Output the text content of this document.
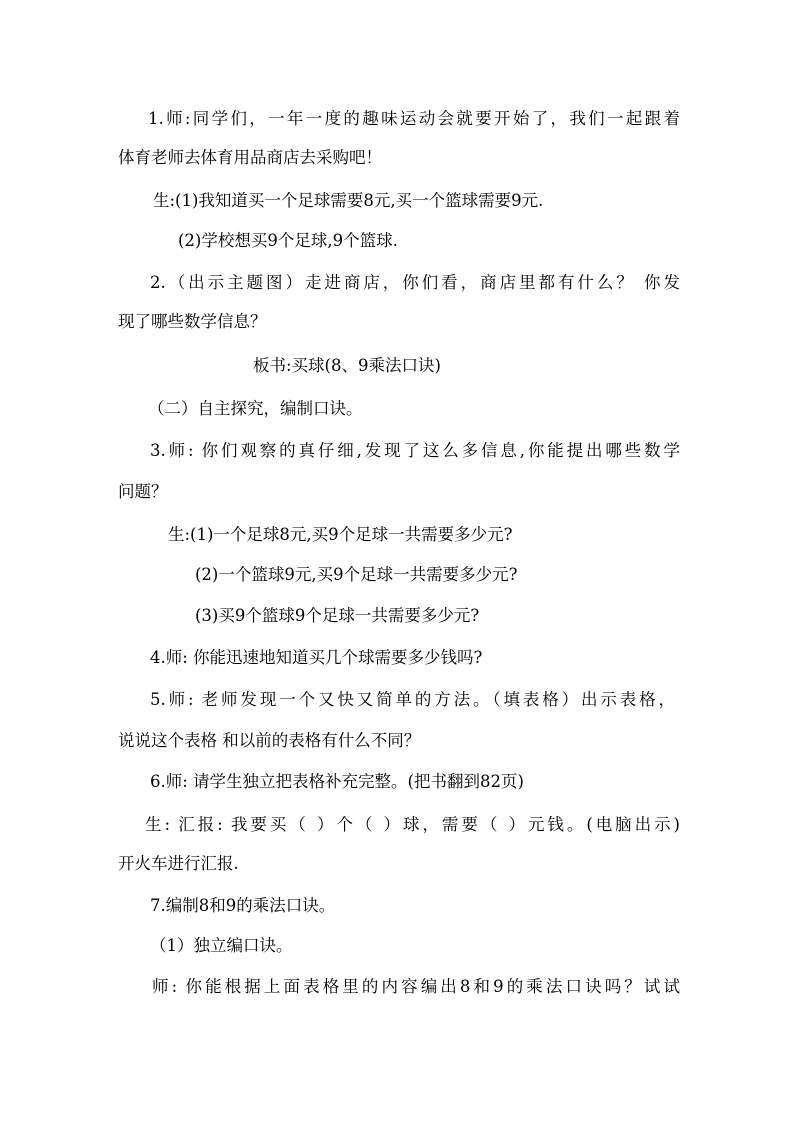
1.师:同学们，一年一度的趣味运动会就要开始了，我们一起跟着
体育老师去体育用品商店去采购吧！
生:(1)我知道买一个足球需要8元,买一个篮球需要9元.
(2)学校想买9个足球,9个篮球.
2.（出示主题图）走进商店，你们看，商店里都有什么？ 你发
现了哪些数学信息？
板书:买球(8、9乘法口诀)
（二）自主探究，编制口诀。
3.师: 你们观察的真仔细,发现了这么多信息,你能提出哪些数学
问题？
生:(1)一个足球8元,买9个足球一共需要多少元?
(2)一个篮球9元,买9个足球一共需要多少元?
(3)买9个篮球9个足球一共需要多少元?
4.师: 你能迅速地知道买几个球需要多少钱吗?
5.师: 老师发现一个又快又简单的方法。（填表格）出示表格，
说说这个表格 和以前的表格有什么不同？
6.师: 请学生独立把表格补充完整。(把书翻到82页)
生: 汇报: 我要买（ ）个（ ）球，需要（ ）元钱。(电脑出示)
开火车进行汇报.
7.编制8和9的乘法口诀。
（1）独立编口诀。
师: 你能根据上面表格里的内容编出8和9的乘法口诀吗？试试
